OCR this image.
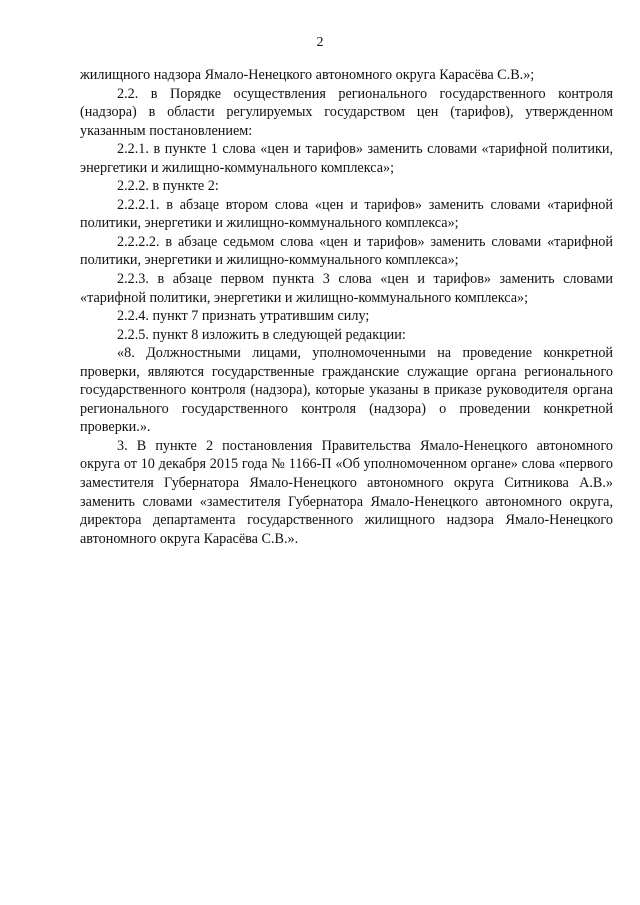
2

жилищного надзора Ямало-Ненецкого автономного округа Карасёва С.В.»;

2.2. в Порядке осуществления регионального государственного контроля (надзора) в области регулируемых государством цен (тарифов), утвержденном указанным постановлением:

2.2.1. в пункте 1 слова «цен и тарифов» заменить словами «тарифной политики, энергетики и жилищно-коммунального комплекса»;

2.2.2. в пункте 2:

2.2.2.1. в абзаце втором слова «цен и тарифов» заменить словами «тарифной политики, энергетики и жилищно-коммунального комплекса»;

2.2.2.2. в абзаце седьмом слова «цен и тарифов» заменить словами «тарифной политики, энергетики и жилищно-коммунального комплекса»;

2.2.3. в абзаце первом пункта 3 слова «цен и тарифов» заменить словами «тарифной политики, энергетики и жилищно-коммунального комплекса»;

2.2.4. пункт 7 признать утратившим силу;

2.2.5. пункт 8 изложить в следующей редакции:

«8. Должностными лицами, уполномоченными на проведение конкретной проверки, являются государственные гражданские служащие органа регионального государственного контроля (надзора), которые указаны в приказе руководителя органа регионального государственного контроля (надзора) о проведении конкретной проверки.».

3. В пункте 2 постановления Правительства Ямало-Ненецкого автономного округа от 10 декабря 2015 года № 1166-П «Об уполномоченном органе» слова «первого заместителя Губернатора Ямало-Ненецкого автономного округа Ситникова А.В.» заменить словами «заместителя Губернатора Ямало-Ненецкого автономного округа, директора департамента государственного жилищного надзора Ямало-Ненецкого автономного округа Карасёва С.В.».
